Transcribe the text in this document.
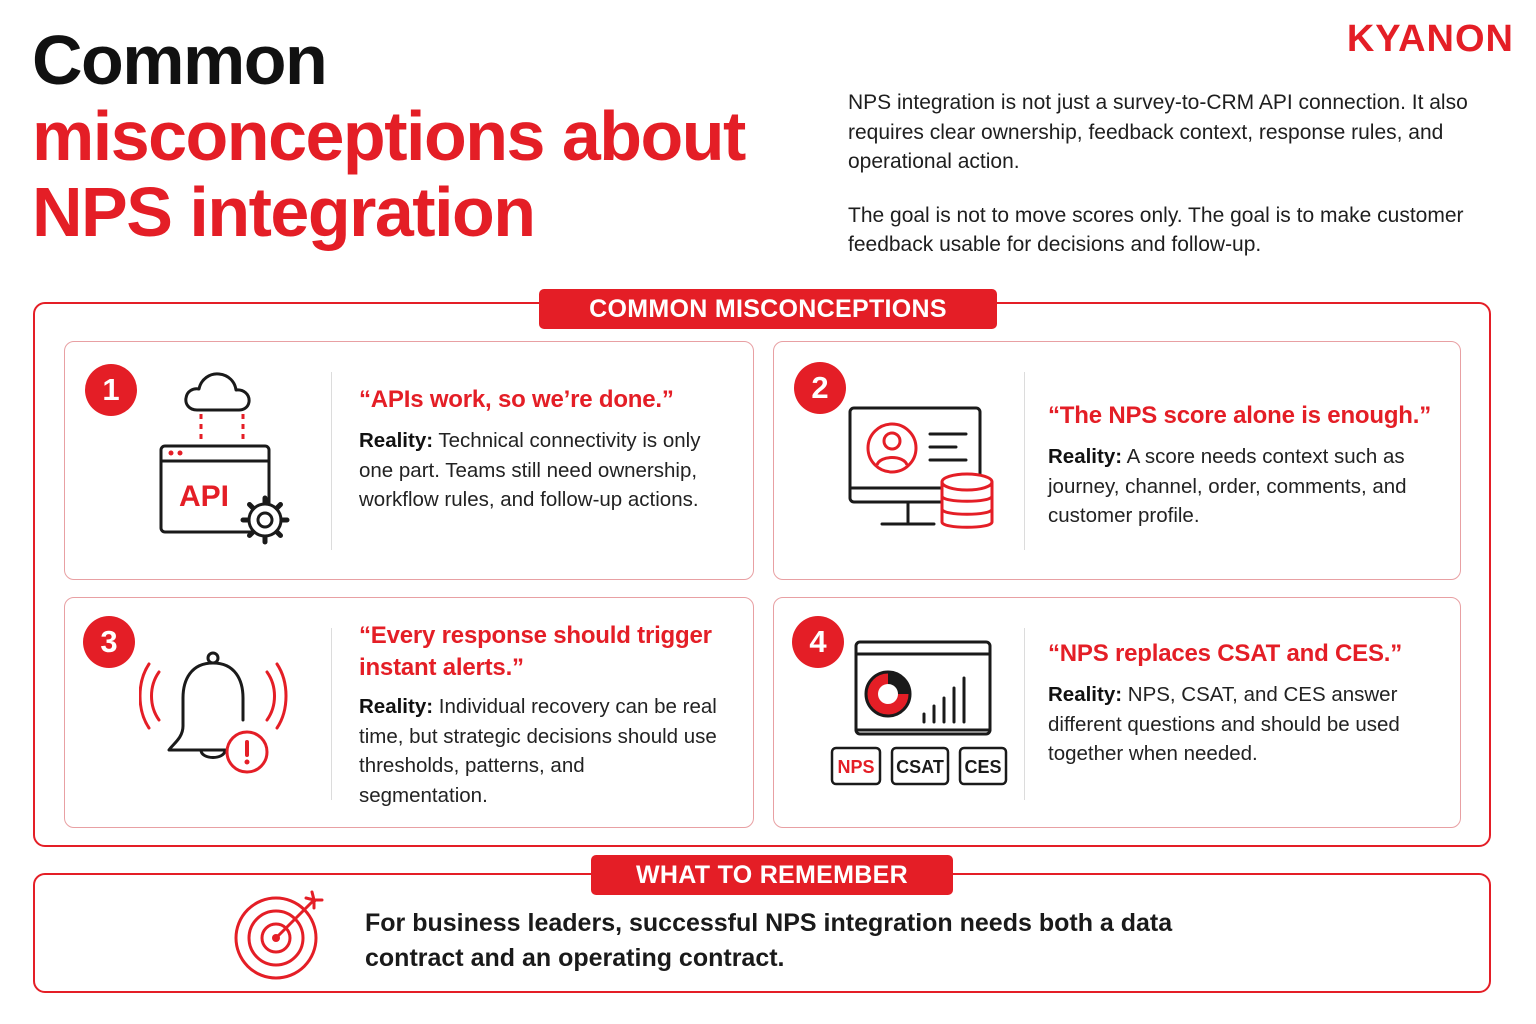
Common
misconceptions about
NPS integration
KYANON

NPS integration is not just a survey-to-CRM API connection. It also requires clear ownership, feedback context, response rules, and operational action.

The goal is not to move scores only. The goal is to make customer feedback usable for decisions and follow-up.

COMMON MISCONCEPTIONS
1
API
“APIs work, so we’re done.”
Reality: Technical connectivity is only one part. Teams still need ownership, workflow rules, and follow-up actions.
2
“The NPS score alone is enough.”
Reality: A score needs context such as journey, channel, order, comments, and customer profile.
3	“Every response should trigger instant alerts.”
Reality: Individual recovery can be real time, but strategic decisions should use thresholds, patterns, and segmentation.
4
NPS CSAT CES
“NPS replaces CSAT and CES.”
Reality: NPS, CSAT, and CES answer different questions and should be used together when needed.
WHAT TO REMEMBER
For business leaders, successful NPS integration needs both a data contract and an operating contract.
